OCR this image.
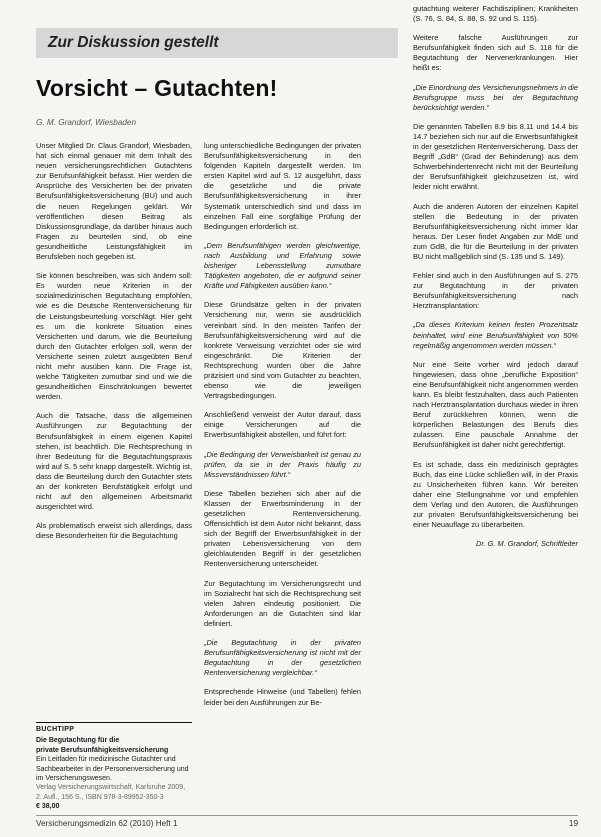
Zur Diskussion gestellt
Vorsicht – Gutachten!
G. M. Grandorf, Wiesbaden

Unser Mitglied Dr. Claus Grandorf, Wiesbaden, hat sich einmal genauer mit dem Inhalt des neuen versicherungsrechtlichen Gutachtens zur Berufsunfähigkeit befasst. Hier werden die Ansprüche des Versicherten bei der privaten Berufsunfähigkeitsversicherung (BU) und auch die neuen Regelungen geklärt. Wir veröffentlichen diesen Beitrag als Diskussionsgrundlage, da darüber hinaus auch Fragen zu beurteilen sind, ob eine gesundheitliche Leistungsfähigkeit im Berufsleben noch gegeben ist.

Sie können beschreiben, was sich ändern soll: Es wurden neue Kriterien in der sozialmedizinischen Begutachtung empfohlen, wie es die Deutsche Rentenversicherung für die Leistungsbeurteilung vorschlägt. Hier geht es um die konkrete Situation eines Versicherten und darum, wie die Beurteilung durch den Gutachter erfolgen soll, wenn der Versicherte seinen zuletzt ausgeübten Beruf nicht mehr ausüben kann. Die Frage ist, welche Tätigkeiten zumutbar sind und wie die gesundheitlichen Einschränkungen bewertet werden.

Auch die Tatsache, dass die allgemeinen Ausführungen zur Begutachtung der Berufsunfähigkeit in einem eigenen Kapitel stehen, ist beachtlich. Die Rechtsprechung in ihrer Bedeutung für die Begutachtungspraxis wird auf S. 5 sehr knapp dargestellt. Wichtig ist, dass die Beurteilung durch den Gutachter stets an der konkreten Berufstätigkeit erfolgt und nicht auf den allgemeinen Arbeitsmarkt ausgerichtet wird.

Als problematisch erweist sich allerdings, dass diese Besonderheiten für die Begutachtung

BUCHTIPP
Die Begutachtung für die
private Berufsunfähigkeitsversicherung
Ein Leitfaden für medizinische Gutachter und Sachbearbeiter in der Personenversicherung und im Versicherungswesen.
Verlag Versicherungswirtschaft, Karlsruhe 2009, 2. Aufl., 156 S., ISBN 978-3-89952-350-3
€ 38,00

lung unterschiedliche Bedingungen der privaten Berufsunfähigkeitsversicherung in den folgenden Kapiteln dargestellt werden. Im ersten Kapitel wird auf S. 12 ausgeführt, dass die gesetzliche und die private Berufsunfähigkeitsversicherung in ihrer Systematik unterschiedlich sind und dass im einzelnen Fall eine sorgfältige Prüfung der Bedingungen erforderlich ist.

„Dem Berufsunfähigen werden gleichwertige, nach Ausbildung und Erfahrung sowie bisheriger Lebensstellung zumutbare Tätigkeiten angeboten, die er aufgrund seiner Kräfte und Fähigkeiten ausüben kann.“

Diese Grundsätze gelten in der privaten Versicherung nur, wenn sie ausdrücklich vereinbart sind. In den meisten Tarifen der Berufsunfähigkeitsversicherung wird auf die konkrete Verweisung verzichtet oder sie wird eingeschränkt. Die Kriterien der Rechtsprechung wurden über die Jahre präzisiert und sind vom Gutachter zu beachten, ebenso wie die jeweiligen Vertragsbedingungen.

Anschließend verweist der Autor darauf, dass einige Versicherungen auf die Erwerbsunfähigkeit abstellen, und führt fort:

„Die Bedingung der Verweisbarkeit ist genau zu prüfen, da sie in der Praxis häufig zu Missverständnissen führt.“

Diese Tabellen beziehen sich aber auf die Klassen der Erwerbsminderung in der gesetzlichen Rentenversicherung. Offensichtlich ist dem Autor nicht bekannt, dass sich der Begriff der Erwerbsunfähigkeit in der privaten Lebensversicherung von dem gleichlautenden Begriff in der gesetzlichen Rentenversicherung unterscheidet.

Zur Begutachtung im Versicherungsrecht und im Sozialrecht hat sich die Rechtsprechung seit vielen Jahren eindeutig positioniert. Die Anforderungen an die Gutachten sind klar definiert.

„Die Begutachtung in der privaten Berufsunfähigkeitsversicherung ist nicht mit der Begutachtung in der gesetzlichen Rentenversicherung vergleichbar.“

Entsprechende Hinweise (und Tabellen) fehlen leider bei den Ausführungen zur Be-

gutachtung weiterer Fachdisziplinen; Krankheiten (S. 76, S. 84, S. 88, S. 92 und S. 115).

Weitere falsche Ausführungen zur Berufsunfähigkeit finden sich auf S. 118 für die Begutachtung der Nervenerkrankungen. Hier heißt es:

„Die Einordnung des Versicherungsnehmers in die Berufsgruppe muss bei der Begutachtung berücksichtigt werden.“

Die genannten Tabellen 8.9 bis 8.11 und 14.4 bis 14.7 beziehen sich nur auf die Erwerbsunfähigkeit in der gesetzlichen Rentenversicherung. Dass der Begriff „GdB“ (Grad der Behinderung) aus dem Schwerbehindertenrecht nicht mit der Beurteilung der Berufsunfähigkeit gleichzusetzen ist, wird leider nicht erwähnt.

Auch die anderen Autoren der einzelnen Kapitel stellen die Bedeutung in der privaten Berufsunfähigkeitsversicherung nicht immer klar heraus. Der Leser findet Angaben zur MdE und zum GdB, die für die Beurteilung in der privaten BU nicht maßgeblich sind (S. 135 und S. 149).

Fehler sind auch in den Ausführungen auf S. 275 zur Begutachtung in der privaten Berufsunfähigkeitsversicherung nach Herztransplantation:

„Da dieses Kriterium keinen festen Prozentsatz beinhaltet, wird eine Berufsunfähigkeit von 50% regelmäßig angenommen werden müssen.“

Nur eine Seite vorher wird jedoch darauf hingewiesen, dass ohne „berufliche Exposition“ eine Berufsunfähigkeit nicht angenommen werden kann. Es bleibt festzuhalten, dass auch Patienten nach Herztransplantation durchaus wieder in ihren Beruf zurückkehren können, wenn die körperlichen Belastungen des Berufs dies zulassen. Eine pauschale Annahme der Berufsunfähigkeit ist daher nicht gerechtfertigt.

Es ist schade, dass ein medizinisch geprägtes Buch, das eine Lücke schließen will, in der Praxis zu Unsicherheiten führen kann. Wir bereiten daher eine Stellungnahme vor und empfehlen dem Verlag und den Autoren, die Ausführungen zur privaten Berufsunfähigkeitsversicherung bei einer Neuauflage zu überarbeiten.

Dr. G. M. Grandorf, Schriftleiter

Versicherungsmedizin 62 (2010) Heft 1	19
